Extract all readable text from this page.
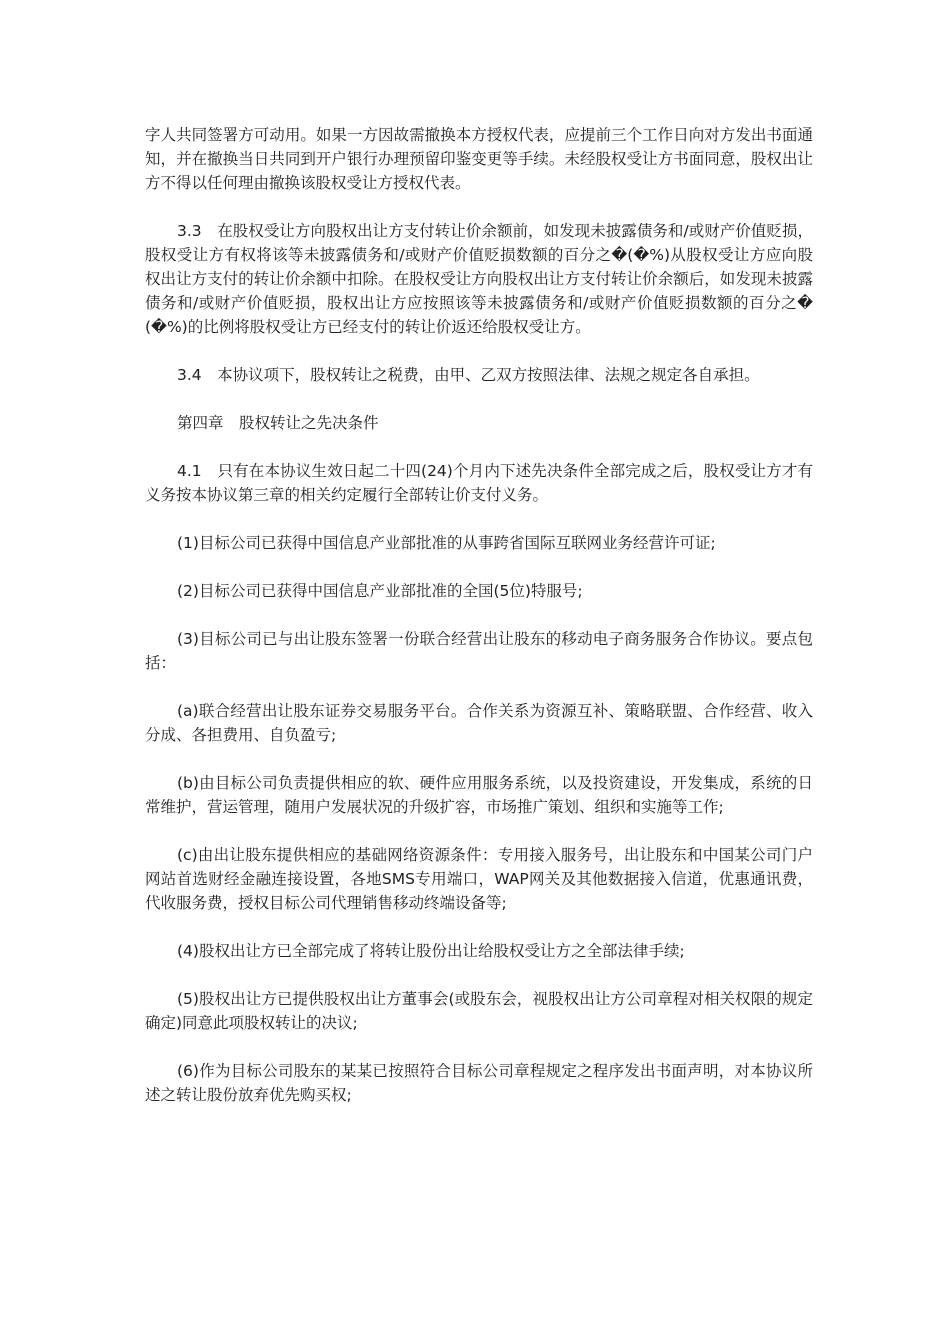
字人共同签署方可动用。如果一方因故需撤换本方授权代表，应提前三个工作日向对方发出书面通知，并在撤换当日共同到开户银行办理预留印鉴变更等手续。未经股权受让方书面同意，股权出让方不得以任何理由撤换该股权受让方授权代表。

3.3　在股权受让方向股权出让方支付转让价余额前，如发现未披露债务和/或财产价值贬损，股权受让方有权将该等未披露债务和/或财产价值贬损数额的百分之�(�%)从股权受让方应向股权出让方支付的转让价余额中扣除。在股权受让方向股权出让方支付转让价余额后，如发现未披露债务和/或财产价值贬损，股权出让方应按照该等未披露债务和/或财产价值贬损数额的百分之�(�%)的比例将股权受让方已经支付的转让价返还给股权受让方。

3.4　本协议项下，股权转让之税费，由甲、乙双方按照法律、法规之规定各自承担。

第四章　股权转让之先决条件

4.1　只有在本协议生效日起二十四(24)个月内下述先决条件全部完成之后，股权受让方才有义务按本协议第三章的相关约定履行全部转让价支付义务。

(1)目标公司已获得中国信息产业部批准的从事跨省国际互联网业务经营许可证;

(2)目标公司已获得中国信息产业部批准的全国(5位)特服号;

(3)目标公司已与出让股东签署一份联合经营出让股东的移动电子商务服务合作协议。要点包括：

(a)联合经营出让股东证券交易服务平台。合作关系为资源互补、策略联盟、合作经营、收入分成、各担费用、自负盈亏;

(b)由目标公司负责提供相应的软、硬件应用服务系统，以及投资建设，开发集成，系统的日常维护，营运管理，随用户发展状况的升级扩容，市场推广策划、组织和实施等工作;

(c)由出让股东提供相应的基础网络资源条件：专用接入服务号，出让股东和中国某公司门户网站首选财经金融连接设置，各地SMS专用端口，WAP网关及其他数据接入信道，优惠通讯费，代收服务费，授权目标公司代理销售移动终端设备等;

(4)股权出让方已全部完成了将转让股份出让给股权受让方之全部法律手续;

(5)股权出让方已提供股权出让方董事会(或股东会，视股权出让方公司章程对相关权限的规定确定)同意此项股权转让的决议;

(6)作为目标公司股东的某某已按照符合目标公司章程规定之程序发出书面声明，对本协议所述之转让股份放弃优先购买权;
